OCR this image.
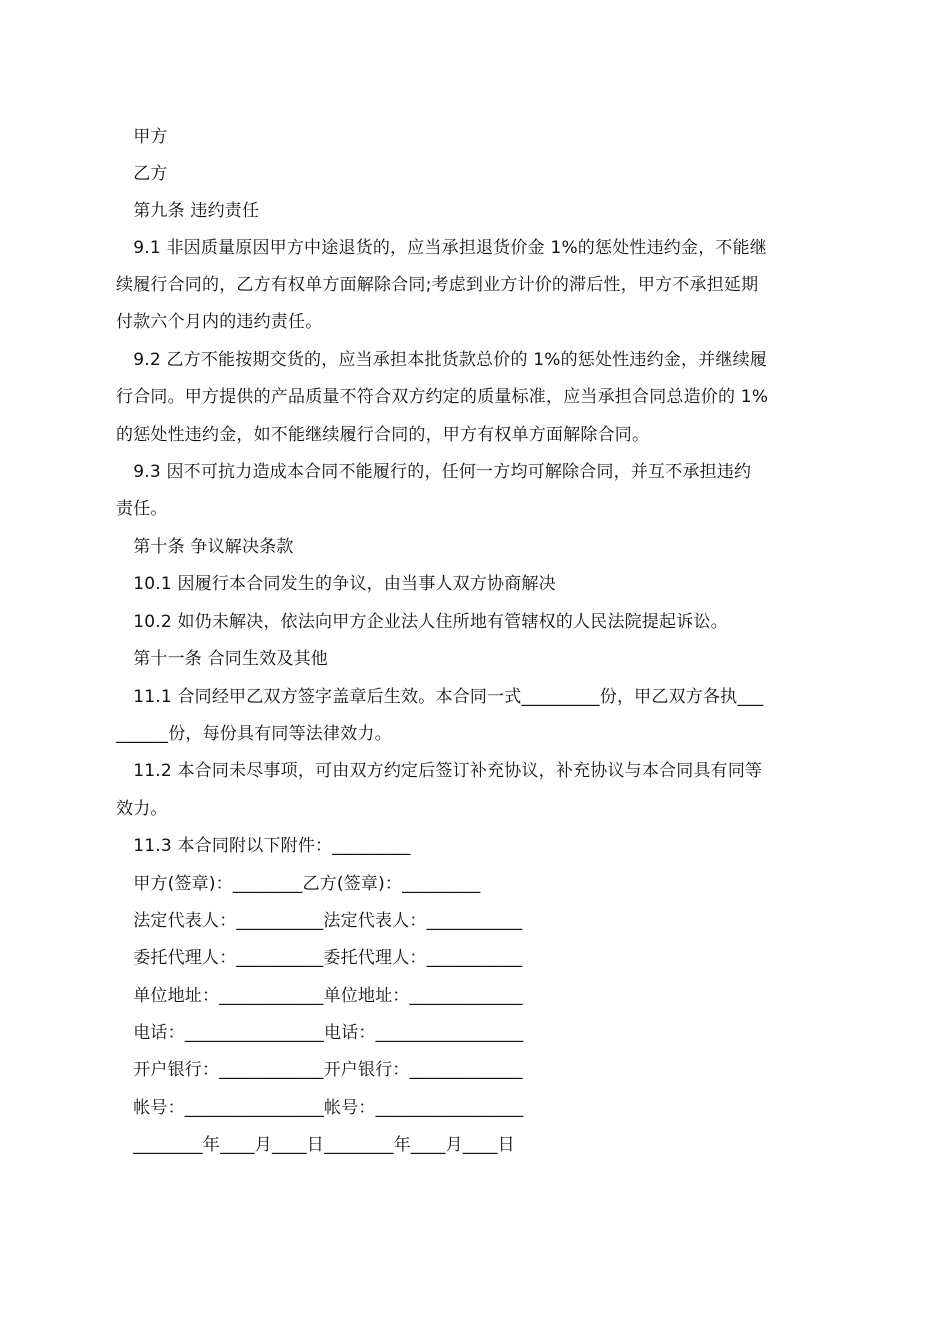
　甲方
　乙方
　第九条 违约责任
　9.1 非因质量原因甲方中途退货的，应当承担退货价金 1%的惩处性违约金，不能继
续履行合同的，乙方有权单方面解除合同;考虑到业方计价的滞后性，甲方不承担延期
付款六个月内的违约责任。
　9.2 乙方不能按期交货的，应当承担本批货款总价的 1%的惩处性违约金，并继续履
行合同。甲方提供的产品质量不符合双方约定的质量标准，应当承担合同总造价的 1%
的惩处性违约金，如不能继续履行合同的，甲方有权单方面解除合同。
　9.3 因不可抗力造成本合同不能履行的，任何一方均可解除合同，并互不承担违约
责任。
　第十条 争议解决条款
　10.1 因履行本合同发生的争议，由当事人双方协商解决
　10.2 如仍未解决，依法向甲方企业法人住所地有管辖权的人民法院提起诉讼。
　第十一条 合同生效及其他
　11.1 合同经甲乙双方签字盖章后生效。本合同一式_________份，甲乙双方各执___
______份，每份具有同等法律效力。
　11.2 本合同未尽事项，可由双方约定后签订补充协议，补充协议与本合同具有同等
效力。
　11.3 本合同附以下附件：_________
　甲方(签章)：________乙方(签章)：_________
　法定代表人：__________法定代表人：___________
　委托代理人：__________委托代理人：___________
　单位地址：____________单位地址：_____________
　电话：________________电话：_________________
　开户银行：____________开户银行：_____________
　帐号：________________帐号：_________________
　________年____月____日________年____月____日
